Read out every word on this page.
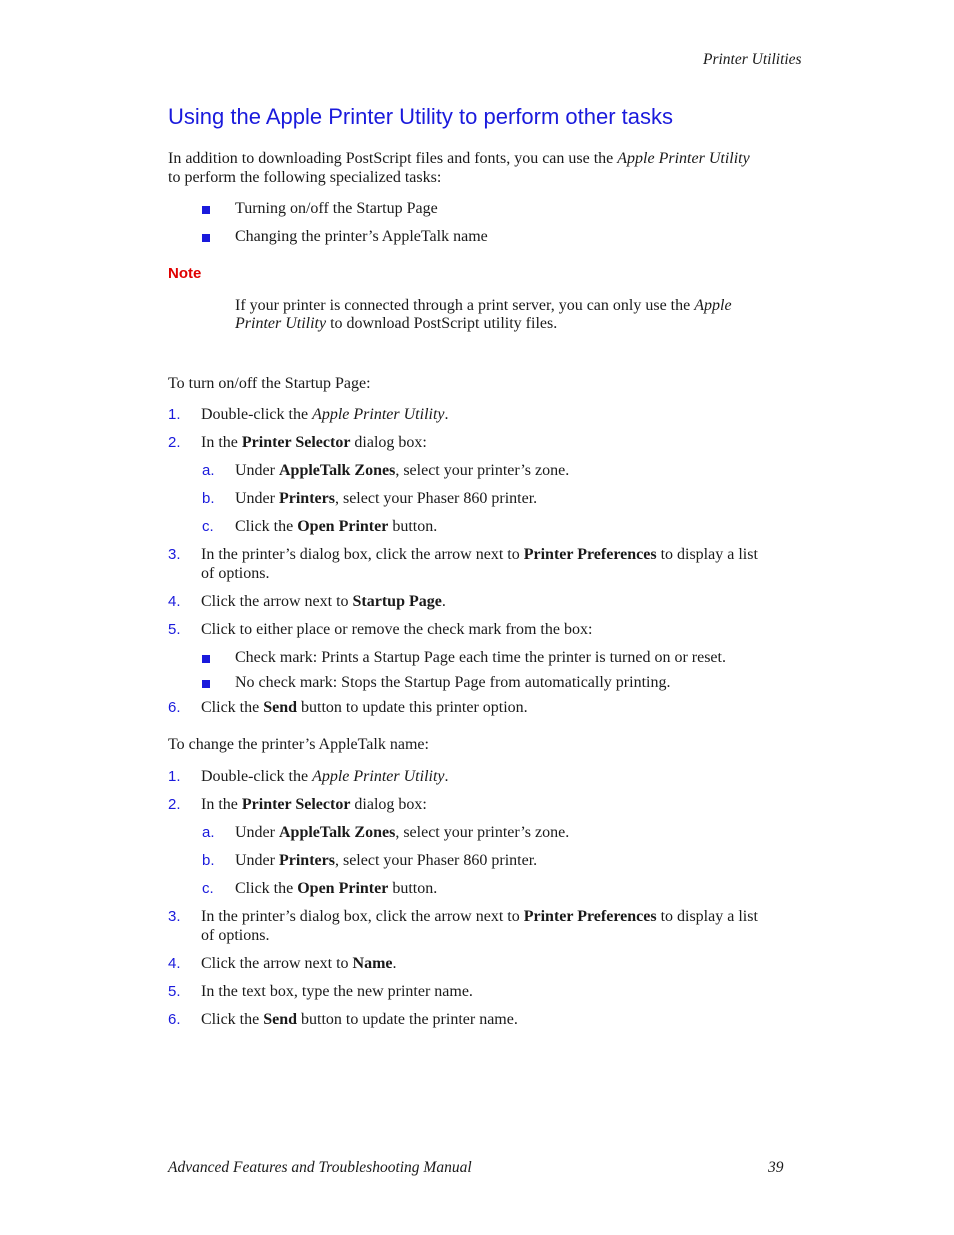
Printer Utilities
Using the Apple Printer Utility to perform other tasks
In addition to downloading PostScript files and fonts, you can use the Apple Printer Utility
to perform the following specialized tasks:
Turning on/off the Startup Page
Changing the printer’s AppleTalk name
Note
If your printer is connected through a print server, you can only use the Apple
Printer Utility to download PostScript utility files.
To turn on/off the Startup Page:
1. Double-click the Apple Printer Utility.
2. In the Printer Selector dialog box:
a. Under AppleTalk Zones, select your printer’s zone.
b. Under Printers, select your Phaser 860 printer.
c. Click the Open Printer button.
3. In the printer’s dialog box, click the arrow next to Printer Preferences to display a list
of options.
4. Click the arrow next to Startup Page.
5. Click to either place or remove the check mark from the box:
Check mark: Prints a Startup Page each time the printer is turned on or reset.
No check mark: Stops the Startup Page from automatically printing.
6. Click the Send button to update this printer option.
To change the printer’s AppleTalk name:
1. Double-click the Apple Printer Utility.
2. In the Printer Selector dialog box:
a. Under AppleTalk Zones, select your printer’s zone.
b. Under Printers, select your Phaser 860 printer.
c. Click the Open Printer button.
3. In the printer’s dialog box, click the arrow next to Printer Preferences to display a list
of options.
4. Click the arrow next to Name.
5. In the text box, type the new printer name.
6. Click the Send button to update the printer name.
Advanced Features and Troubleshooting Manual	39
